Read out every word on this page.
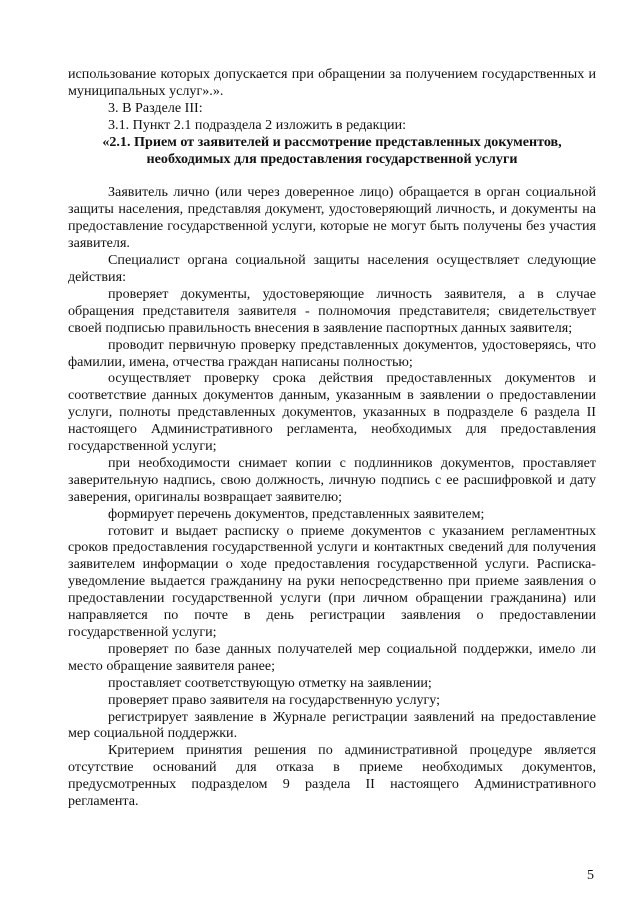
использование которых допускается при обращении за получением государственных и муниципальных услуг».».

3. В Разделе III:

3.1. Пункт 2.1 подраздела 2 изложить в редакции:

«2.1. Прием от заявителей и рассмотрение представленных документов, необходимых для предоставления государственной услуги

Заявитель лично (или через доверенное лицо) обращается в орган социальной защиты населения, представляя документ, удостоверяющий личность, и документы на предоставление государственной услуги, которые не могут быть получены без участия заявителя.

Специалист органа социальной защиты населения осуществляет следующие действия:

проверяет документы, удостоверяющие личность заявителя, а в случае обращения представителя заявителя - полномочия представителя; свидетельствует своей подписью правильность внесения в заявление паспортных данных заявителя;

проводит первичную проверку представленных документов, удостоверяясь, что фамилии, имена, отчества граждан написаны полностью;

осуществляет проверку срока действия предоставленных документов и соответствие данных документов данным, указанным в заявлении о предоставлении услуги, полноты представленных документов, указанных в подразделе 6 раздела II настоящего Административного регламента, необходимых для предоставления государственной услуги;

при необходимости снимает копии с подлинников документов, проставляет заверительную надпись, свою должность, личную подпись с ее расшифровкой и дату заверения, оригиналы возвращает заявителю;

формирует перечень документов, представленных заявителем;

готовит и выдает расписку о приеме документов с указанием регламентных сроков предоставления государственной услуги и контактных сведений для получения заявителем информации о ходе предоставления государственной услуги. Расписка-уведомление выдается гражданину на руки непосредственно при приеме заявления о предоставлении государственной услуги (при личном обращении гражданина) или направляется по почте в день регистрации заявления о предоставлении государственной услуги;

проверяет по базе данных получателей мер социальной поддержки, имело ли место обращение заявителя ранее;

проставляет соответствующую отметку на заявлении;

проверяет право заявителя на государственную услугу;

регистрирует заявление в Журнале регистрации заявлений на предоставление мер социальной поддержки.

Критерием принятия решения по административной процедуре является отсутствие оснований для отказа в приеме необходимых документов, предусмотренных подразделом 9 раздела II настоящего Административного регламента.

5
